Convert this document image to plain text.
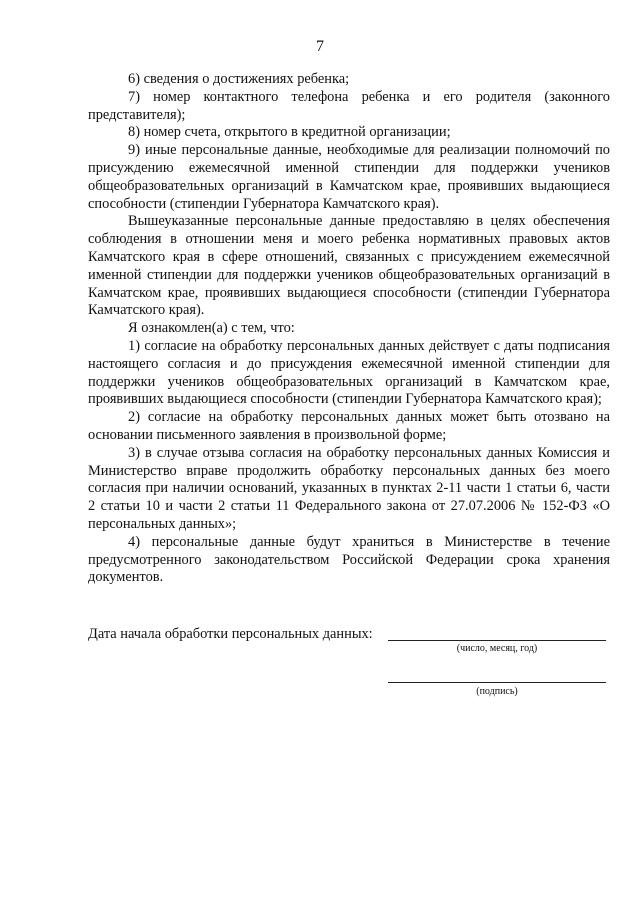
7

6) сведения о достижениях ребенка;

7) номер контактного телефона ребенка и его родителя (законного представителя);

8) номер счета, открытого в кредитной организации;

9) иные персональные данные, необходимые для реализации полномочий по присуждению ежемесячной именной стипендии для поддержки учеников общеобразовательных организаций в Камчатском крае, проявивших выдающиеся способности (стипендии Губернатора Камчатского края).

Вышеуказанные персональные данные предоставляю в целях обеспечения соблюдения в отношении меня и моего ребенка нормативных правовых актов Камчатского края в сфере отношений, связанных с присуждением ежемесячной именной стипендии для поддержки учеников общеобразовательных организаций в Камчатском крае, проявивших выдающиеся способности (стипендии Губернатора Камчатского края).

Я ознакомлен(а) с тем, что:

1) согласие на обработку персональных данных действует с даты подписания настоящего согласия и до присуждения ежемесячной именной стипендии для поддержки учеников общеобразовательных организаций в Камчатском крае, проявивших выдающиеся способности (стипендии Губернатора Камчатского края);

2) согласие на обработку персональных данных может быть отозвано на основании письменного заявления в произвольной форме;

3) в случае отзыва согласия на обработку персональных данных Комиссия и Министерство вправе продолжить обработку персональных данных без моего согласия при наличии оснований, указанных в пунктах 2-11 части 1 статьи 6, части 2 статьи 10 и части 2 статьи 11 Федерального закона от 27.07.2006 № 152-ФЗ «О персональных данных»;

4) персональные данные будут храниться в Министерстве в течение предусмотренного законодательством Российской Федерации срока хранения документов.

Дата начала обработки персональных данных:
(число, месяц, год)
(подпись)
